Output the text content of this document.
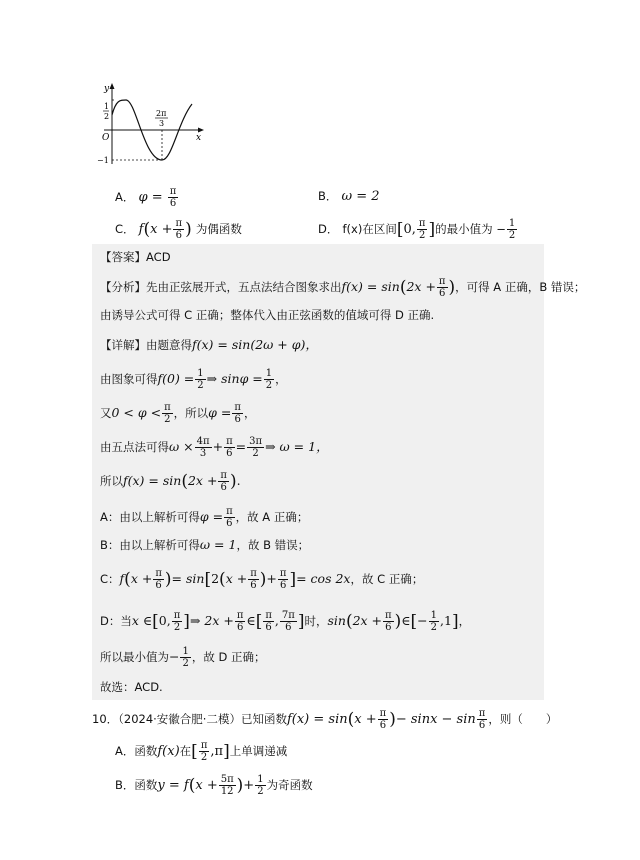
y
x
O
1
2
−1
2π
3
A． $\varphi = \frac{\pi}{6}$	B． ω = 2
C． $f(x + \frac{\pi}{6}$ ) 为偶函数	D． f(x)在区间[0, $\frac{\pi}{2}$ ]的最小值为 − $\frac{1}{2}$
【答案】ACD
【分析】先由正弦展开式，五点法结合图象求出$f(x) = \sin(2x + \frac{\pi}{6}$ )，可得 A 正确，B 错误；
由诱导公式可得 C 正确；整体代入由正弦函数的值域可得 D 正确.
【详解】由题意得f(x) = sin(2ω + φ)，
由图象可得$f(0) = \frac{1}{2}$ ⇒ $\sin\varphi = \frac{1}{2}$ ，
又$0 < \varphi < \frac{\pi}{2}$ ，所以$\varphi = \frac{\pi}{6}$ ，
由五点法可得$\omega \times \frac{4\pi}{3} + \frac{\pi}{6} = \frac{3\pi}{2}$ ⇒ ω = 1，
所以$f(x) = \sin(2x + \frac{\pi}{6}$ ).
A：由以上解析可得$\varphi = \frac{\pi}{6}$ ，故 A 正确；
B：由以上解析可得ω = 1，故 B 错误；
C：$f(x + \frac{\pi}{6}$ )= $\sin[2(x + \frac{\pi}{6}$ )+ $\frac{\pi}{6}$ ]= cos 2x，故 C 正确；
D：当x ∈[0, $\frac{\pi}{2}$ ]⇒ $2x + \frac{\pi}{6}$ ∈[ $\frac{\pi}{6}$ , $\frac{7\pi}{6}$ ]时，$\sin(2x + \frac{\pi}{6}$ )∈[− $\frac{1}{2} ,1$]，
所以最小值为− $\frac{1}{2}$ ，故 D 正确；
故选：ACD.
10．（2024·安徽合肥·二模）已知函数$f(x) = \sin(x + \frac{\pi}{6}$ )− $\sin x - \sin \frac{\pi}{6}$ ，则（　　）
A．函数f(x)在[ $\frac{\pi}{2} ,\pi$]上单调递减
B．函数$y = f(x + \frac{5\pi}{12}$ )+ $\frac{1}{2}$ 为奇函数
